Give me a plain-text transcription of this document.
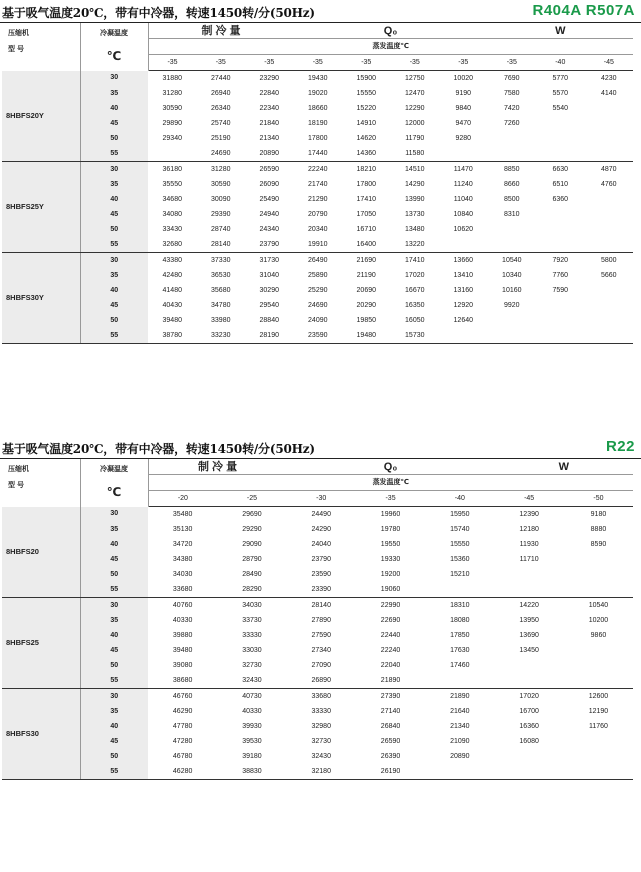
基于吸气温度20℃，带有中冷器，转速1450转/分(50Hz)	R404A R507A
压缩机
型 号	冷凝温度
℃	制 冷 量			Q₀				W		
		蒸发温度℃									
		-35	-35	-35	-35	-35	-35	-35	-35	-40	-45
8HBFS20Y	30	31880	27440	23290	19430	15900	12750	10020	7690	5770	4230
	35	31280	26940	22840	19020	15550	12470	9190	7580	5570	4140
	40	30590	26340	22340	18660	15220	12290	9840	7420	5540	
	45	29890	25740	21840	18190	14910	12000	9470	7260		
	50	29340	25190	21340	17800	14620	11790	9280			
	55		24690	20890	17440	14360	11580				
8HBFS25Y	30	36180	31280	26590	22240	18210	14510	11470	8850	6630	4870
	35	35550	30590	26090	21740	17800	14290	11240	8660	6510	4760
	40	34680	30090	25490	21290	17410	13990	11040	8500	6360	
	45	34080	29390	24940	20790	17050	13730	10840	8310		
	50	33430	28740	24340	20340	16710	13480	10620			
	55	32680	28140	23790	19910	16400	13220				
8HBFS30Y	30	43380	37330	31730	26490	21690	17410	13660	10540	7920	5800
	35	42480	36530	31040	25890	21190	17020	13410	10340	7760	5660
	40	41480	35680	30290	25290	20690	16670	13160	10160	7590	
	45	40430	34780	29540	24690	20290	16350	12920	9920		
	50	39480	33980	28840	24090	19850	16050	12640			
	55	38780	33230	28190	23590	19480	15730				
基于吸气温度20℃，带有中冷器，转速1450转/分(50Hz)	R22
压缩机
型 号	冷凝温度
℃	制 冷 量		Q₀			W	
		蒸发温度℃						
		-20	-25	-30	-35	-40	-45	-50
8HBFS20	30	35480	29690	24490	19960	15950	12390	9180
	35	35130	29290	24290	19780	15740	12180	8880
	40	34720	29090	24040	19550	15550	11930	8590
	45	34380	28790	23790	19330	15360	11710	
	50	34030	28490	23590	19200	15210		
	55	33680	28290	23390	19060			
8HBFS25	30	40760	34030	28140	22990	18310	14220	10540
	35	40330	33730	27890	22690	18080	13950	10200
	40	39880	33330	27590	22440	17850	13690	9860
	45	39480	33030	27340	22240	17630	13450	
	50	39080	32730	27090	22040	17460		
	55	38680	32430	26890	21890			
8HBFS30	30	46760	40730	33680	27390	21890	17020	12600
	35	46290	40330	33330	27140	21640	16700	12190
	40	47780	39930	32980	26840	21340	16360	11760
	45	47280	39530	32730	26590	21090	16080	
	50	46780	39180	32430	26390	20890		
	55	46280	38830	32180	26190			
